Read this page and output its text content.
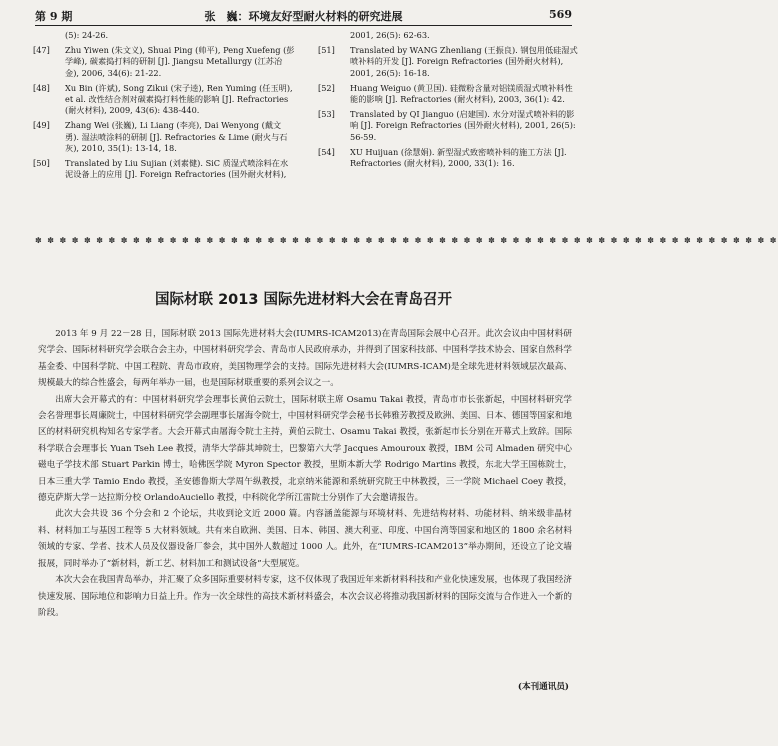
第 9 期	张　巍：环境友好型耐火材料的研究进展	569
(5): 24-26.
[47] Zhu Yiwen (朱文义), Shuai Ping (帅平), Peng Xuefeng (彭学峰), 碳素捣打料的研制 [J]. Jiangsu Metallurgy (江苏冶金), 2006, 34(6): 21-22.
[48] Xu Bin (许斌), Song Zikui (宋子逵), Ren Yuming (任玉明), et al. 改性结合剂对碳素捣打料性能的影响 [J]. Refractories (耐火材料), 2009, 43(6): 438-440.
[49] Zhang Wei (张巍), Li Liang (李亮), Dai Wenyong (戴文勇). 湿法喷涂料的研制 [J]. Refractories & Lime (耐火与石灰), 2010, 35(1): 13-14, 18.
[50] Translated by Liu Sujian (刘素健). SiC 质湿式喷涂料在水泥设备上的应用 [J]. Foreign Refractories (国外耐火材料),
2001, 26(5): 62-63.
[51] Translated by WANG Zhenliang (王振良). 钢包用低硅湿式喷补料的开发 [J]. Foreign Refractories (国外耐火材料), 2001, 26(5): 16-18.
[52] Huang Weiguo (黄卫国). 硅微粉含量对铝镁质湿式喷补料性能的影响 [J]. Refractories (耐火材料), 2003, 36(1): 42.
[53] Translated by QI Jianguo (启建国). 水分对湿式喷补料的影响 [J]. Foreign Refractories (国外耐火材料), 2001, 26(5): 56-59.
[54] XU Huijuan (徐慧娟). 新型湿式致密喷补料的施工方法 [J]. Refractories (耐火材料), 2000, 33(1): 16.
✽ ✽ ✽ ✽ ✽ ✽ ✽ ✽ ✽ ✽ ✽ ✽ ✽ ✽ ✽ ✽ ✽ ✽ ✽ ✽ ✽ ✽ ✽ ✽ ✽ ✽ ✽ ✽ ✽ ✽ ✽ ✽ ✽ ✽ ✽ ✽ ✽ ✽ ✽ ✽ ✽ ✽ ✽ ✽ ✽ ✽ ✽ ✽ ✽ ✽ ✽ ✽ ✽ ✽ ✽ ✽ ✽ ✽ ✽ ✽ ✽
国际材联 2013 国际先进材料大会在青岛召开

2013 年 9 月 22－28 日，国际材联 2013 国际先进材料大会(IUMRS-ICAM2013)在青岛国际会展中心召开。此次会议由中国材料研究学会、国际材料研究学会联合会主办，中国材料研究学会、青岛市人民政府承办，并得到了国家科技部、中国科学技术协会、国家自然科学基金委、中国科学院、中国工程院、青岛市政府，美国物理学会的支持。国际先进材料大会(IUMRS-ICAM)是全球先进材料领域层次最高、规模最大的综合性盛会，每两年举办一届，也是国际材联重要的系列会议之一。

出席大会开幕式的有：中国材料研究学会理事长黄伯云院士，国际材联主席 Osamu Takai 教授，青岛市市长张新起，中国材料研究学会名誉理事长周廉院士，中国材料研究学会副理事长屠海令院士，中国材料研究学会秘书长韩雅芳教授及欧洲、美国、日本、德国等国家和地区的材料研究机构知名专家学者。大会开幕式由屠海令院士主持，黄伯云院士、Osamu Takai 教授，张新起市长分别在开幕式上致辞。国际科学联合会理事长 Yuan Tseh Lee 教授，清华大学薛其坤院士，巴黎第六大学 Jacques Amouroux 教授，IBM 公司 Almaden 研究中心磁电子学技术部 Stuart Parkin 博士，哈佛医学院 Myron Spector 教授，里斯本新大学 Rodrigo Martins 教授，东北大学王国栋院士，日本三重大学 Tamio Endo 教授，圣安德鲁斯大学周午纵教授，北京纳米能源和系统研究院王中林教授，三一学院 Michael Coey 教授，德克萨斯大学－达拉斯分校 OrlandoAuciello 教授，中科院化学所江雷院士分别作了大会邀请报告。

此次大会共设 36 个分会和 2 个论坛，共收到论文近 2000 篇。内容涵盖能源与环境材料、先进结构材料、功能材料、纳米级非晶材料、材料加工与基因工程等 5 大材料领域。共有来自欧洲、美国、日本、韩国、澳大利亚、印度、中国台湾等国家和地区的 1800 余名材料领域的专家、学者、技术人员及仪器设备厂参会，其中国外人数超过 1000 人。此外，在“IUMRS-ICAM2013”举办期间，还设立了论文墙报展，同时举办了“新材料，新工艺、材料加工和测试设备”大型展览。

本次大会在我国青岛举办，并汇聚了众多国际重要材料专家，这不仅体现了我国近年来新材料科技和产业化快速发展，也体现了我国经济快速发展、国际地位和影响力日益上升。作为一次全球性的高技术新材料盛会，本次会议必将推动我国新材料的国际交流与合作进入一个新的阶段。

(本刊通讯员)
